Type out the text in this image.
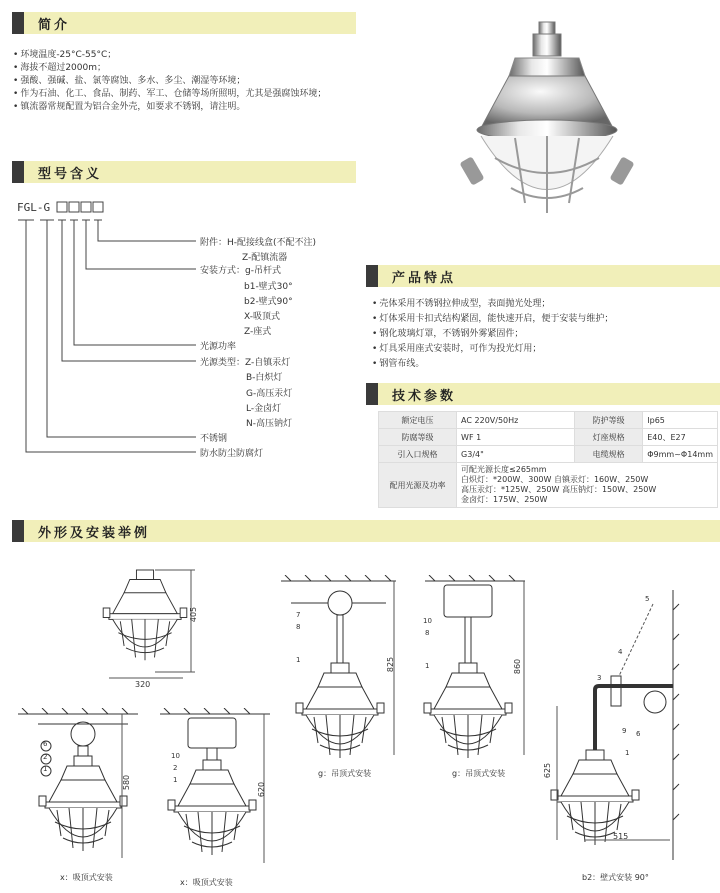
简介
型号含义
产品特点
技术参数
外形及安装举例
• 环境温度-25°C-55°C；
• 海拔不超过2000m；
• 强酸、强碱、盐、氯等腐蚀、多水、多尘、潮湿等环境；
• 作为石油、化工、食品、制药、军工、仓储等场所照明，尤其是强腐蚀环境；
• 镇流器常规配置为铝合金外壳，如要求不锈钢，请注明。
FGL-G
附件：H-配接线盒(不配不注)
Z-配镇流器
安装方式：g-吊杆式
b1-壁式30°
b2-壁式90°
X-吸顶式
Z-座式
光源功率
光源类型：Z-自镇汞灯
B-白炽灯
G-高压汞灯
L-金卤灯
N-高压钠灯
不锈钢
防水防尘防腐灯
• 壳体采用不锈钢拉伸成型，表面抛光处理；
• 灯体采用卡扣式结构紧固，能快速开启，便于安装与维护；
• 钢化玻璃灯罩，不锈钢外雾紧固件；
• 灯具采用座式安装时，可作为投光灯用；
• 钢管布线。
额定电压	AC 220V/50Hz	防护等级	Ip65
防腐等级	WF 1	灯座规格	E40、E27
引入口规格	G3/4"	电缆规格	Φ9mm~Φ14mm
配用光源及功率	可配光源长度≤265mm
白炽灯：*200W、300W 自镇汞灯：160W、250W
高压汞灯：*125W、250W 高压钠灯：150W、250W
金卤灯：175W、250W		
405
320
6
2
1
580
x：吸顶式安装
10
2
1
620
x：吸顶式安装
7
8
1	825
g：吊顶式安装
10
8
1	860
g：吊顶式安装
5
4
3
9 6
1
625
515
b2：壁式安装 90°
